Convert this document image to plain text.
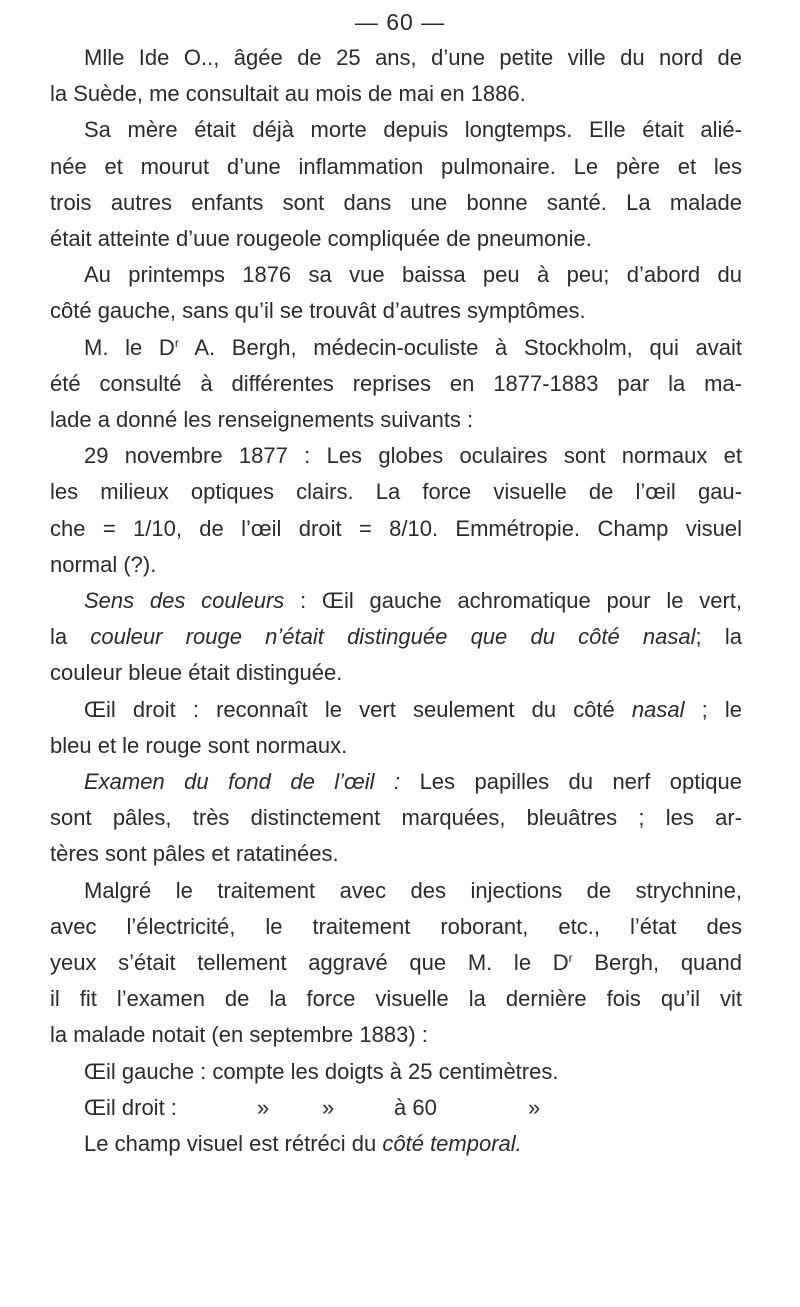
— 60 —
Mlle Ide O.., âgée de 25 ans, d’une petite ville du nord de
la Suède, me consultait au mois de mai en 1886.
Sa mère était déjà morte depuis longtemps. Elle était alié-
née et mourut d’une inflammation pulmonaire. Le père et les
trois autres enfants sont dans une bonne santé. La malade
était atteinte d’uue rougeole compliquée de pneumonie.
Au printemps 1876 sa vue baissa peu à peu; d’abord du
côté gauche, sans qu’il se trouvât d’autres symptômes.
M. le $D^r$ A. Bergh, médecin-oculiste à Stockholm, qui avait
été consulté à différentes reprises en 1877-1883 par la ma-
lade a donné les renseignements suivants :
29 novembre 1877 : Les globes oculaires sont normaux et
les milieux optiques clairs. La force visuelle de l’œil gau-
che = 1/10, de l’œil droit = 8/10. Emmétropie. Champ visuel
normal (?).
Sens des couleurs : Œil gauche achromatique pour le vert,
la couleur rouge n’était distinguée que du côté nasal; la
couleur bleue était distinguée.
Œil droit : reconnaît le vert seulement du côté nasal ; le
bleu et le rouge sont normaux.
Examen du fond de l’œil : Les papilles du nerf optique
sont pâles, très distinctement marquées, bleuâtres ; les ar-
tères sont pâles et ratatinées.
Malgré le traitement avec des injections de strychnine,
avec l’électricité, le traitement roborant, etc., l’état des
yeux s’était tellement aggravé que M. le $D^r$ Bergh, quand
il fit l’examen de la force visuelle la dernière fois qu’il vit
la malade notait (en septembre 1883) :
Œil gauche : compte les doigts à 25 centimètres.
Œil droit :	» »	à 60	»
Le champ visuel est rétréci du côté temporal.
